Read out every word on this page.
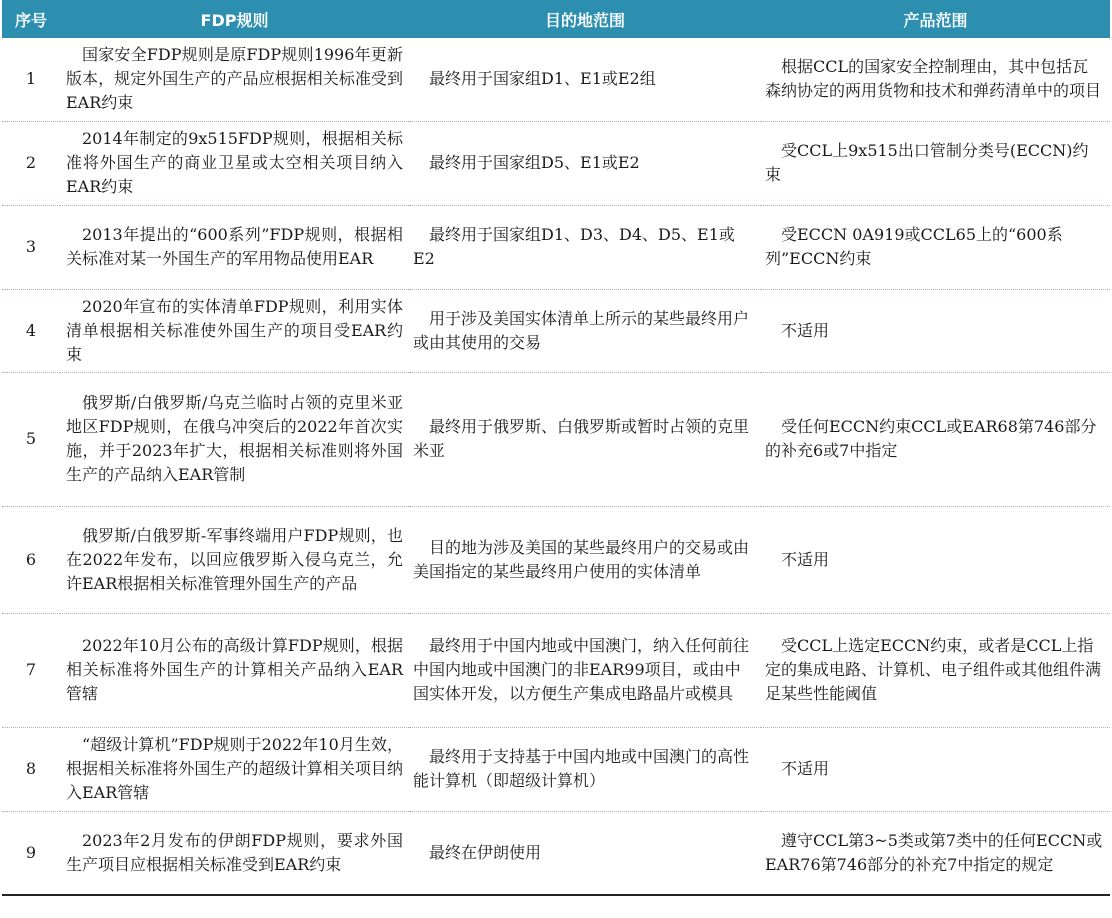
序号	FDP规则	目的地范围	产品范围
1	国家安全FDP规则是原FDP规则1996年更新版本，规定外国生产的产品应根据相关标准受到EAR约束	最终用于国家组D1、E1或E2组	根据CCL的国家安全控制理由，其中包括瓦森纳协定的两用货物和技术和弹药清单中的项目

2	2014年制定的9x515FDP规则，根据相关标准将外国生产的商业卫星或太空相关项目纳入EAR约束	最终用于国家组D5、E1或E2	受CCL上9x515出口管制分类号(ECCN)约束

3	2013年提出的“600系列”FDP规则，根据相关标准对某一外国生产的军用物品使用EAR	最终用于国家组D1、D3、D4、D5、E1或E2	受ECCN 0A919或CCL65上的“600系列”ECCN约束

4	2020年宣布的实体清单FDP规则，利用实体清单根据相关标准使外国生产的项目受EAR约束	用于涉及美国实体清单上所示的某些最终用户或由其使用的交易	不适用

5	俄罗斯/白俄罗斯/乌克兰临时占领的克里米亚地区FDP规则，在俄乌冲突后的2022年首次实施，并于2023年扩大，根据相关标准则将外国生产的产品纳入EAR管制	最终用于俄罗斯、白俄罗斯或暂时占领的克里米亚	受任何ECCN约束CCL或EAR68第746部分的补充6或7中指定

6	俄罗斯/白俄罗斯-军事终端用户FDP规则，也在2022年发布，以回应俄罗斯入侵乌克兰，允许EAR根据相关标准管理外国生产的产品	目的地为涉及美国的某些最终用户的交易或由美国指定的某些最终用户使用的实体清单	不适用

7	2022年10月公布的高级计算FDP规则，根据相关标准将外国生产的计算相关产品纳入EAR管辖	最终用于中国内地或中国澳门，纳入任何前往中国内地或中国澳门的非EAR99项目，或由中国实体开发，以方便生产集成电路晶片或模具	受CCL上选定ECCN约束，或者是CCL上指定的集成电路、计算机、电子组件或其他组件满足某些性能阈值

8	“超级计算机”FDP规则于2022年10月生效，根据相关标准将外国生产的超级计算相关项目纳入EAR管辖	最终用于支持基于中国内地或中国澳门的高性能计算机（即超级计算机）	不适用

9	2023年2月发布的伊朗FDP规则，要求外国生产项目应根据相关标准受到EAR约束	最终在伊朗使用	遵守CCL第3~5类或第7类中的任何ECCN或EAR76第746部分的补充7中指定的规定
